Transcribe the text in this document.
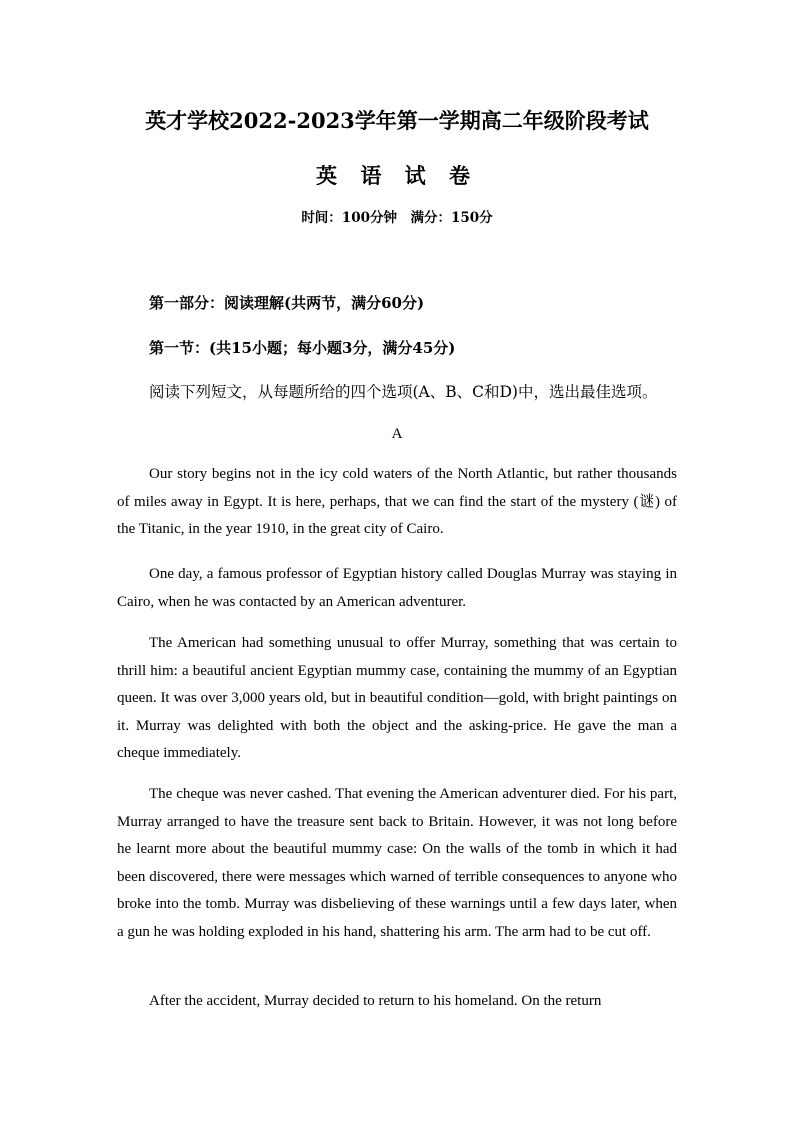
英才学校2022-2023学年第一学期高二年级阶段考试
英 语 试 卷
时间：100分钟　满分：150分
第一部分：阅读理解(共两节，满分60分)
第一节：(共15小题；每小题3分，满分45分)
阅读下列短文，从每题所给的四个选项(A、B、C和D)中，选出最佳选项。
A
Our story begins not in the icy cold waters of the North Atlantic, but rather thousands of miles away in Egypt. It is here, perhaps, that we can find the start of the mystery (谜) of the Titanic, in the year 1910, in the great city of Cairo.
One day, a famous professor of Egyptian history called Douglas Murray was staying in Cairo, when he was contacted by an American adventurer.
The American had something unusual to offer Murray, something that was certain to thrill him: a beautiful ancient Egyptian mummy case, containing the mummy of an Egyptian queen. It was over 3,000 years old, but in beautiful condition—gold, with bright paintings on it. Murray was delighted with both the object and the asking-price. He gave the man a cheque immediately.
The cheque was never cashed. That evening the American adventurer died. For his part, Murray arranged to have the treasure sent back to Britain. However, it was not long before he learnt more about the beautiful mummy case: On the walls of the tomb in which it had been discovered, there were messages which warned of terrible consequences to anyone who broke into the tomb. Murray was disbelieving of these warnings until a few days later, when a gun he was holding exploded in his hand, shattering his arm. The arm had to be cut off.
After the accident, Murray decided to return to his homeland. On the return
